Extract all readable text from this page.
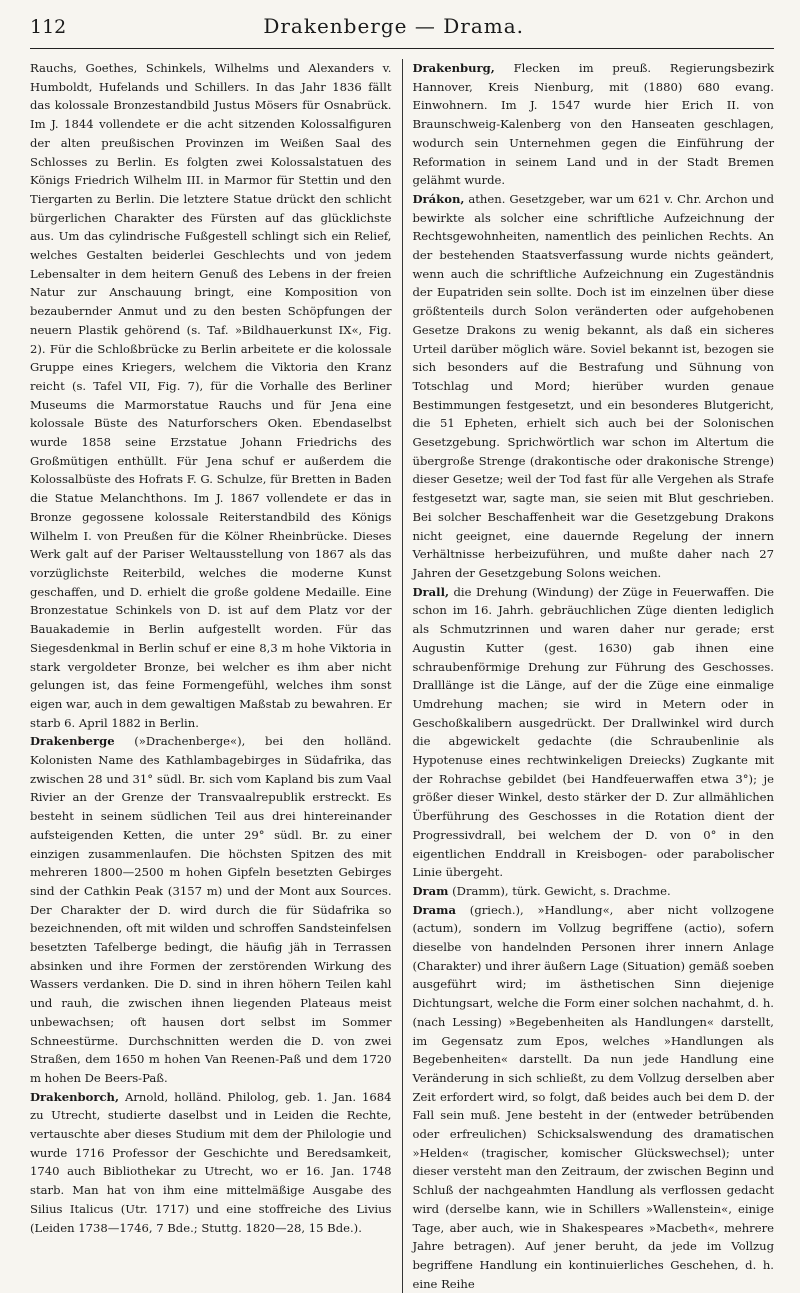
112	Drakenberge — Drama.

Rauchs, Goethes, Schinkels, Wilhelms und Alexanders v. Humboldt, Hufelands und Schillers. In das Jahr 1836 fällt das kolossale Bronzestandbild Justus Mösers für Osnabrück. Im J. 1844 vollendete er die acht sitzenden Kolossalfiguren der alten preußischen Provinzen im Weißen Saal des Schlosses zu Berlin. Es folgten zwei Kolossalstatuen des Königs Friedrich Wilhelm III. in Marmor für Stettin und den Tiergarten zu Berlin. Die letztere Statue drückt den schlicht bürgerlichen Charakter des Fürsten auf das glücklichste aus. Um das cylindrische Fußgestell schlingt sich ein Relief, welches Gestalten beiderlei Geschlechts und von jedem Lebensalter in dem heitern Genuß des Lebens in der freien Natur zur Anschauung bringt, eine Komposition von bezaubernder Anmut und zu den besten Schöpfungen der neuern Plastik gehörend (s. Taf. »Bildhauerkunst IX«, Fig. 2). Für die Schloßbrücke zu Berlin arbeitete er die kolossale Gruppe eines Kriegers, welchem die Viktoria den Kranz reicht (s. Tafel VII, Fig. 7), für die Vorhalle des Berliner Museums die Marmorstatue Rauchs und für Jena eine kolossale Büste des Naturforschers Oken. Ebendaselbst wurde 1858 seine Erzstatue Johann Friedrichs des Großmütigen enthüllt. Für Jena schuf er außerdem die Kolossalbüste des Hofrats F. G. Schulze, für Bretten in Baden die Statue Melanchthons. Im J. 1867 vollendete er das in Bronze gegossene kolossale Reiterstandbild des Königs Wilhelm I. von Preußen für die Kölner Rheinbrücke. Dieses Werk galt auf der Pariser Weltausstellung von 1867 als das vorzüglichste Reiterbild, welches die moderne Kunst geschaffen, und D. erhielt die große goldene Medaille. Eine Bronzestatue Schinkels von D. ist auf dem Platz vor der Bauakademie in Berlin aufgestellt worden. Für das Siegesdenkmal in Berlin schuf er eine 8,3 m hohe Viktoria in stark vergoldeter Bronze, bei welcher es ihm aber nicht gelungen ist, das feine Formengefühl, welches ihm sonst eigen war, auch in dem gewaltigen Maßstab zu bewahren. Er starb 6. April 1882 in Berlin.

Drakenberge (»Drachenberge«), bei den holländ. Kolonisten Name des Kathlambagebirges in Südafrika, das zwischen 28 und 31° südl. Br. sich vom Kapland bis zum Vaal Rivier an der Grenze der Transvaalrepublik erstreckt. Es besteht in seinem südlichen Teil aus drei hintereinander aufsteigenden Ketten, die unter 29° südl. Br. zu einer einzigen zusammenlaufen. Die höchsten Spitzen des mit mehreren 1800—2500 m hohen Gipfeln besetzten Gebirges sind der Cathkin Peak (3157 m) und der Mont aux Sources. Der Charakter der D. wird durch die für Südafrika so bezeichnenden, oft mit wilden und schroffen Sandsteinfelsen besetzten Tafelberge bedingt, die häufig jäh in Terrassen absinken und ihre Formen der zerstörenden Wirkung des Wassers verdanken. Die D. sind in ihren höhern Teilen kahl und rauh, die zwischen ihnen liegenden Plateaus meist unbewachsen; oft hausen dort selbst im Sommer Schneestürme. Durchschnitten werden die D. von zwei Straßen, dem 1650 m hohen Van Reenen-Paß und dem 1720 m hohen De Beers-Paß.

Drakenborch, Arnold, holländ. Philolog, geb. 1. Jan. 1684 zu Utrecht, studierte daselbst und in Leiden die Rechte, vertauschte aber dieses Studium mit dem der Philologie und wurde 1716 Professor der Geschichte und Beredsamkeit, 1740 auch Bibliothekar zu Utrecht, wo er 16. Jan. 1748 starb. Man hat von ihm eine mittelmäßige Ausgabe des Silius Italicus (Utr. 1717) und eine stoffreiche des Livius (Leiden 1738—1746, 7 Bde.; Stuttg. 1820—28, 15 Bde.).

Drakenburg, Flecken im preuß. Regierungsbezirk Hannover, Kreis Nienburg, mit (1880) 680 evang. Einwohnern. Im J. 1547 wurde hier Erich II. von Braunschweig-Kalenberg von den Hanseaten geschlagen, wodurch sein Unternehmen gegen die Einführung der Reformation in seinem Land und in der Stadt Bremen gelähmt wurde.

Drákon, athen. Gesetzgeber, war um 621 v. Chr. Archon und bewirkte als solcher eine schriftliche Aufzeichnung der Rechtsgewohnheiten, namentlich des peinlichen Rechts. An der bestehenden Staatsverfassung wurde nichts geändert, wenn auch die schriftliche Aufzeichnung ein Zugeständnis der Eupatriden sein sollte. Doch ist im einzelnen über diese größtenteils durch Solon veränderten oder aufgehobenen Gesetze Drakons zu wenig bekannt, als daß ein sicheres Urteil darüber möglich wäre. Soviel bekannt ist, bezogen sie sich besonders auf die Bestrafung und Sühnung von Totschlag und Mord; hierüber wurden genaue Bestimmungen festgesetzt, und ein besonderes Blutgericht, die 51 Epheten, erhielt sich auch bei der Solonischen Gesetzgebung. Sprichwörtlich war schon im Altertum die übergroße Strenge (drakontische oder drakonische Strenge) dieser Gesetze; weil der Tod fast für alle Vergehen als Strafe festgesetzt war, sagte man, sie seien mit Blut geschrieben. Bei solcher Beschaffenheit war die Gesetzgebung Drakons nicht geeignet, eine dauernde Regelung der innern Verhältnisse herbeizuführen, und mußte daher nach 27 Jahren der Gesetzgebung Solons weichen.

Drall, die Drehung (Windung) der Züge in Feuerwaffen. Die schon im 16. Jahrh. gebräuchlichen Züge dienten lediglich als Schmutzrinnen und waren daher nur gerade; erst Augustin Kutter (gest. 1630) gab ihnen eine schraubenförmige Drehung zur Führung des Geschosses. Dralllänge ist die Länge, auf der die Züge eine einmalige Umdrehung machen; sie wird in Metern oder in Geschoßkalibern ausgedrückt. Der Drallwinkel wird durch die abgewickelt gedachte (die Schraubenlinie als Hypotenuse eines rechtwinkeligen Dreiecks) Zugkante mit der Rohrachse gebildet (bei Handfeuerwaffen etwa 3°); je größer dieser Winkel, desto stärker der D. Zur allmählichen Überführung des Geschosses in die Rotation dient der Progressivdrall, bei welchem der D. von 0° in den eigentlichen Enddrall in Kreisbogen- oder parabolischer Linie übergeht.

Dram (Dramm), türk. Gewicht, s. Drachme.

Drama (griech.), »Handlung«, aber nicht vollzogene (actum), sondern im Vollzug begriffene (actio), sofern dieselbe von handelnden Personen ihrer innern Anlage (Charakter) und ihrer äußern Lage (Situation) gemäß soeben ausgeführt wird; im ästhetischen Sinn diejenige Dichtungsart, welche die Form einer solchen nachahmt, d. h. (nach Lessing) »Begebenheiten als Handlungen« darstellt, im Gegensatz zum Epos, welches »Handlungen als Begebenheiten« darstellt. Da nun jede Handlung eine Veränderung in sich schließt, zu dem Vollzug derselben aber Zeit erfordert wird, so folgt, daß beides auch bei dem D. der Fall sein muß. Jene besteht in der (entweder betrübenden oder erfreulichen) Schicksalswendung des dramatischen »Helden« (tragischer, komischer Glückswechsel); unter dieser versteht man den Zeitraum, der zwischen Beginn und Schluß der nachgeahmten Handlung als verflossen gedacht wird (derselbe kann, wie in Schillers »Wallenstein«, einige Tage, aber auch, wie in Shakespeares »Macbeth«, mehrere Jahre betragen). Auf jener beruht, da jede im Vollzug begriffene Handlung ein kontinuierliches Geschehen, d. h. eine Reihe
